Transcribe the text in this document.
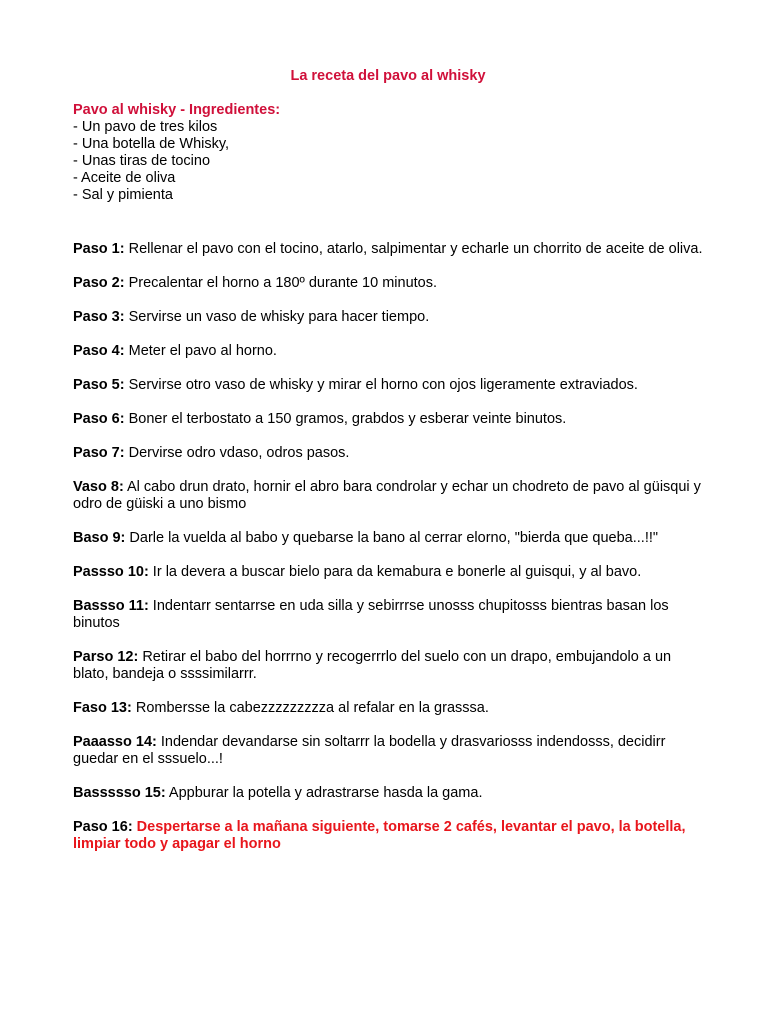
La receta del pavo al whisky
Pavo al whisky - Ingredientes:
- Un pavo de tres kilos
- Una botella de Whisky,
- Unas tiras de tocino
- Aceite de oliva
- Sal y pimienta

Paso 1: Rellenar el pavo con el tocino, atarlo, salpimentar y echarle un chorrito de aceite de oliva.

Paso 2: Precalentar el horno a 180º durante 10 minutos.

Paso 3: Servirse un vaso de whisky para hacer tiempo.

Paso 4: Meter el pavo al horno.

Paso 5: Servirse otro vaso de whisky y mirar el horno con ojos ligeramente extraviados.

Paso 6: Boner el terbostato a 150 gramos, grabdos y esberar veinte binutos.

Paso 7: Dervirse odro vdaso, odros pasos.

Vaso 8: Al cabo drun drato, hornir el abro bara condrolar y echar un chodreto de pavo al güisqui y odro de güiski a uno bismo

Baso 9: Darle la vuelda al babo y quebarse la bano al cerrar elorno, "bierda que queba...!!"

Passso 10: Ir la devera a buscar bielo para da kemabura e bonerle al guisqui, y al bavo.

Bassso 11: Indentarr sentarrse en uda silla y sebirrrse unosss chupitosss bientras basan los binutos

Parso 12: Retirar el babo del horrrno y recogerrrlo del suelo con un drapo, embujandolo a un blato, bandeja o ssssimilarrr.

Faso 13: Rombersse la cabezzzzzzzzza al refalar en la grasssa.

Paaasso 14: Indendar devandarse sin soltarrr la bodella y drasvariosss indendosss, decidirr guedar en el sssuelo...!

Bassssso 15: Appburar la potella y adrastrarse hasda la gama.

Paso 16: Despertarse a la mañana siguiente, tomarse 2 cafés, levantar el pavo, la botella, limpiar todo y apagar el horno
